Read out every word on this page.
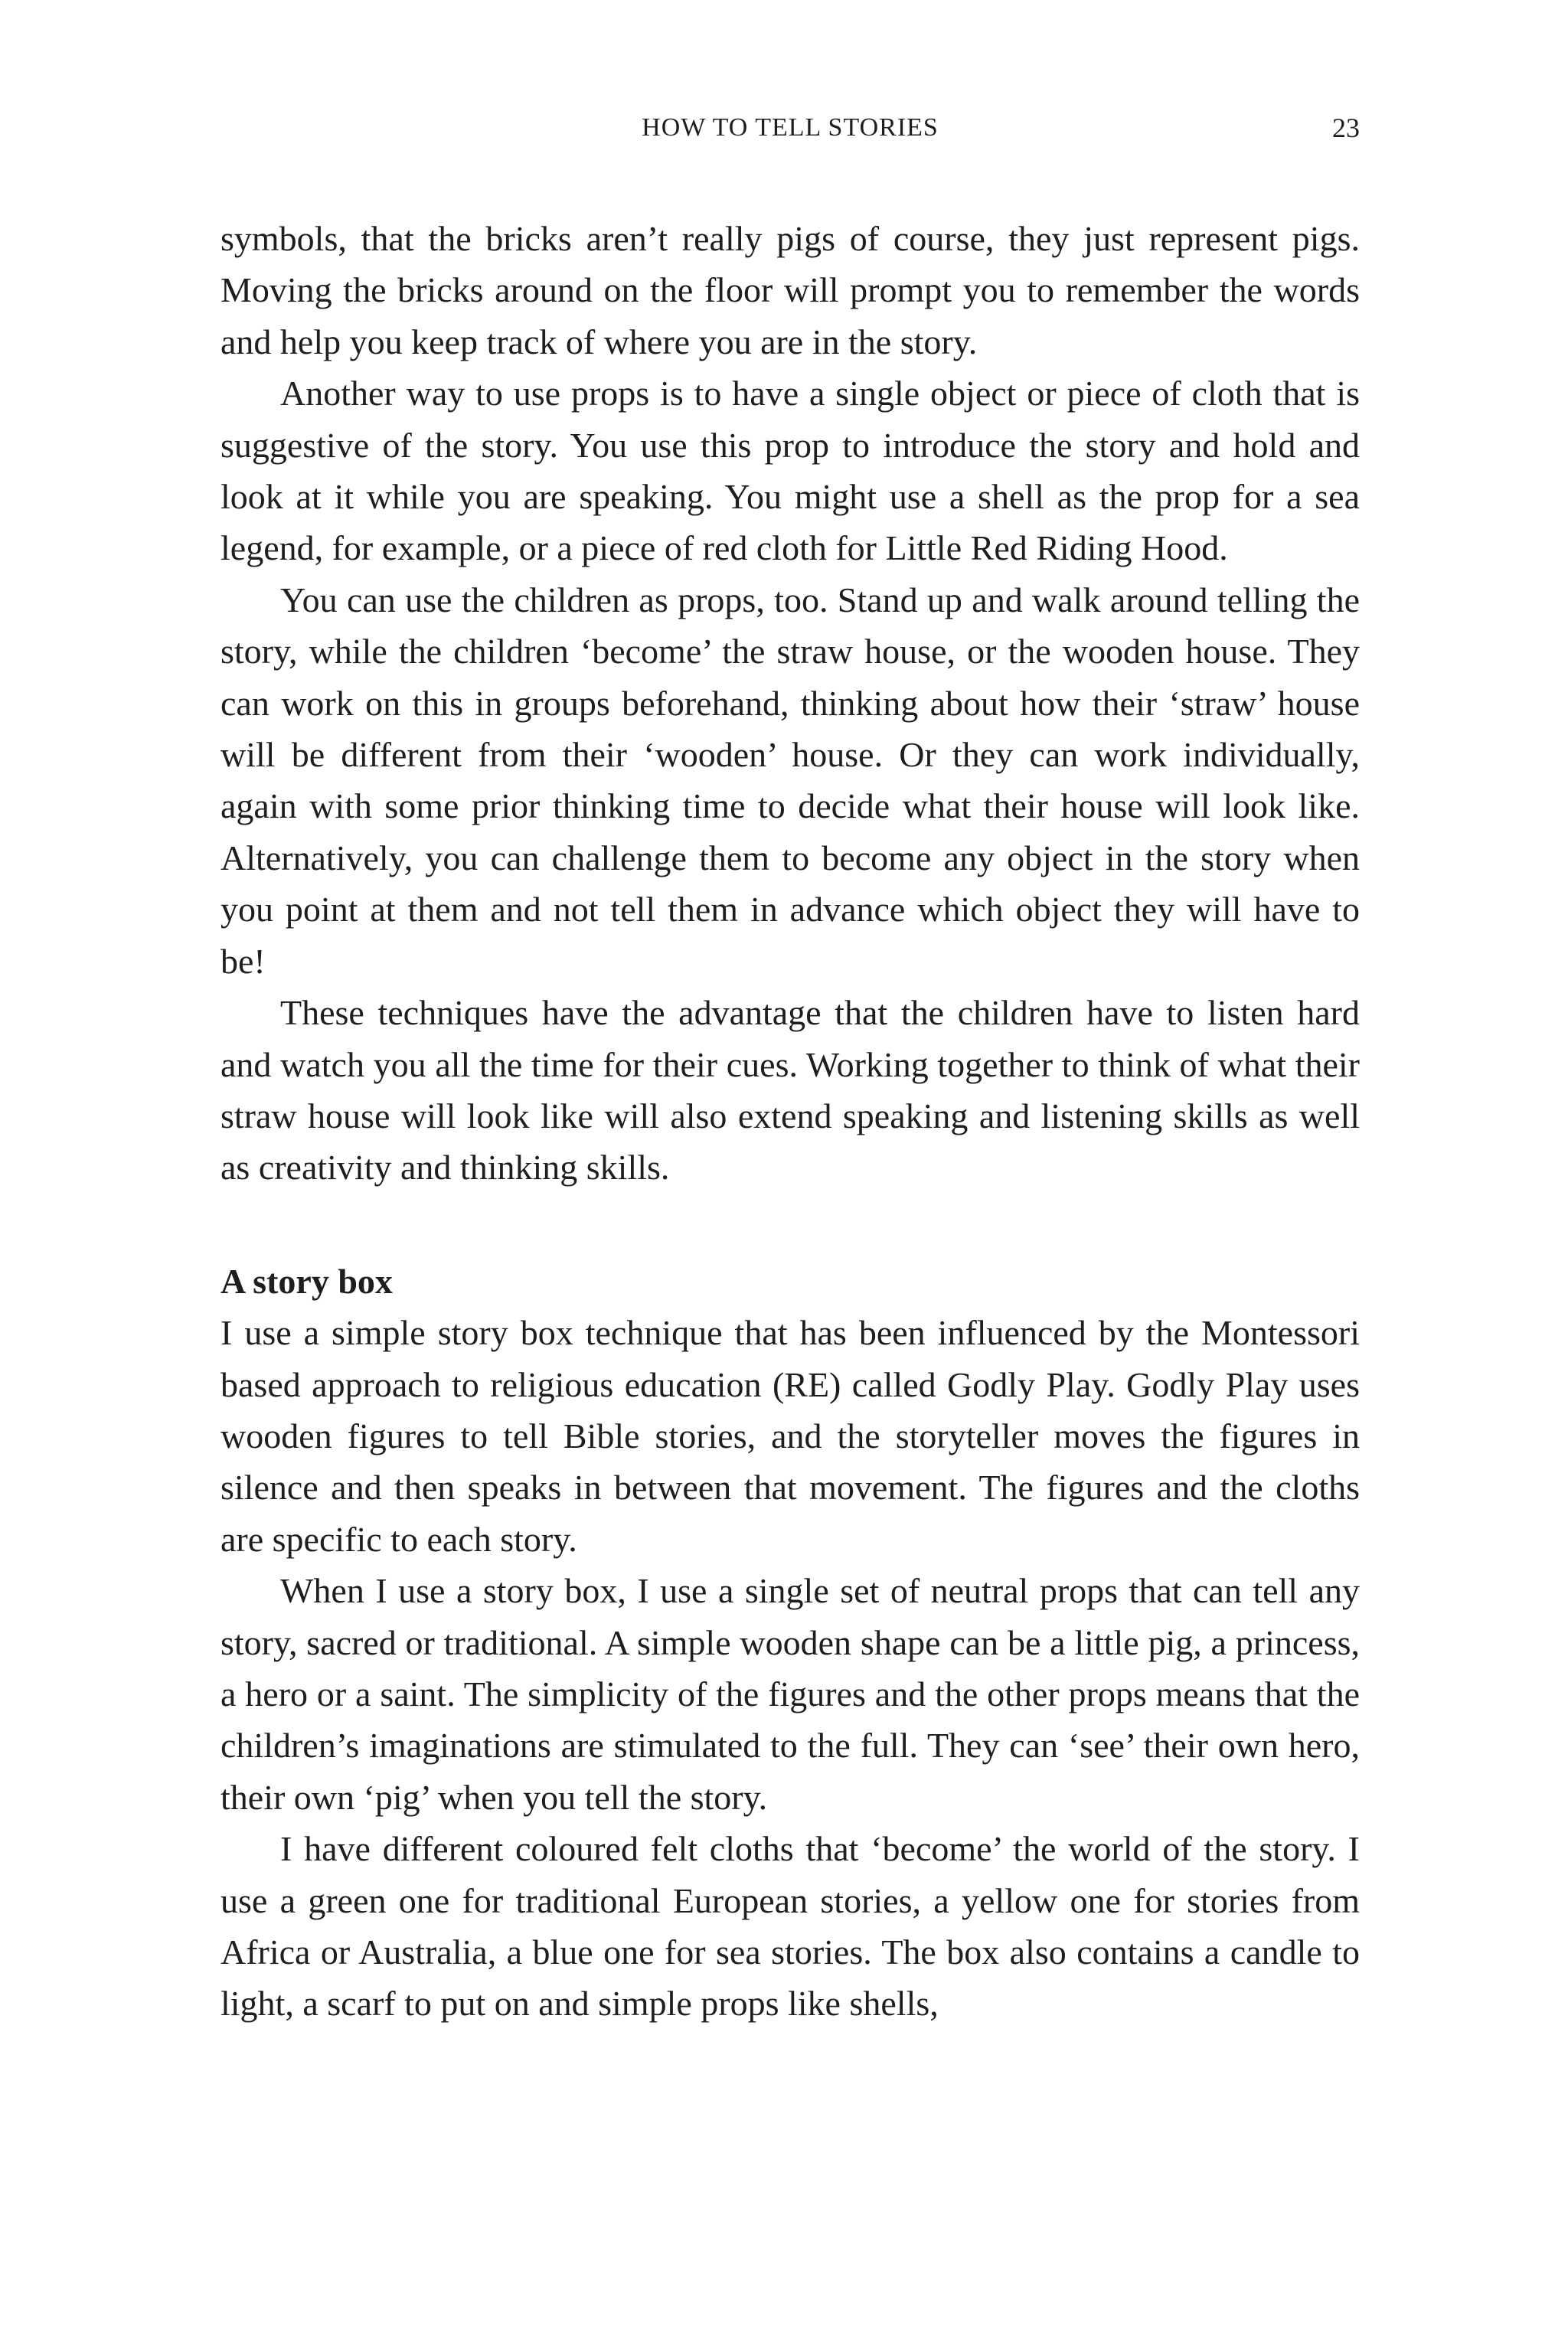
HOW TO TELL STORIES	23

symbols, that the bricks aren’t really pigs of course, they just represent pigs. Moving the bricks around on the floor will prompt you to remember the words and help you keep track of where you are in the story.

Another way to use props is to have a single object or piece of cloth that is suggestive of the story. You use this prop to introduce the story and hold and look at it while you are speaking. You might use a shell as the prop for a sea legend, for example, or a piece of red cloth for Little Red Riding Hood.

You can use the children as props, too. Stand up and walk around telling the story, while the children ‘become’ the straw house, or the wooden house. They can work on this in groups beforehand, thinking about how their ‘straw’ house will be different from their ‘wooden’ house. Or they can work individually, again with some prior thinking time to decide what their house will look like. Alternatively, you can challenge them to become any object in the story when you point at them and not tell them in advance which object they will have to be!

These techniques have the advantage that the children have to listen hard and watch you all the time for their cues. Working together to think of what their straw house will look like will also extend speaking and listening skills as well as creativity and thinking skills.

A story box

I use a simple story box technique that has been influenced by the Montessori based approach to religious education (RE) called Godly Play. Godly Play uses wooden figures to tell Bible stories, and the storyteller moves the figures in silence and then speaks in between that movement. The figures and the cloths are specific to each story.

When I use a story box, I use a single set of neutral props that can tell any story, sacred or traditional. A simple wooden shape can be a little pig, a princess, a hero or a saint. The simplicity of the figures and the other props means that the children’s imaginations are stimulated to the full. They can ‘see’ their own hero, their own ‘pig’ when you tell the story.

I have different coloured felt cloths that ‘become’ the world of the story. I use a green one for traditional European stories, a yellow one for stories from Africa or Australia, a blue one for sea stories. The box also contains a candle to light, a scarf to put on and simple props like shells,
